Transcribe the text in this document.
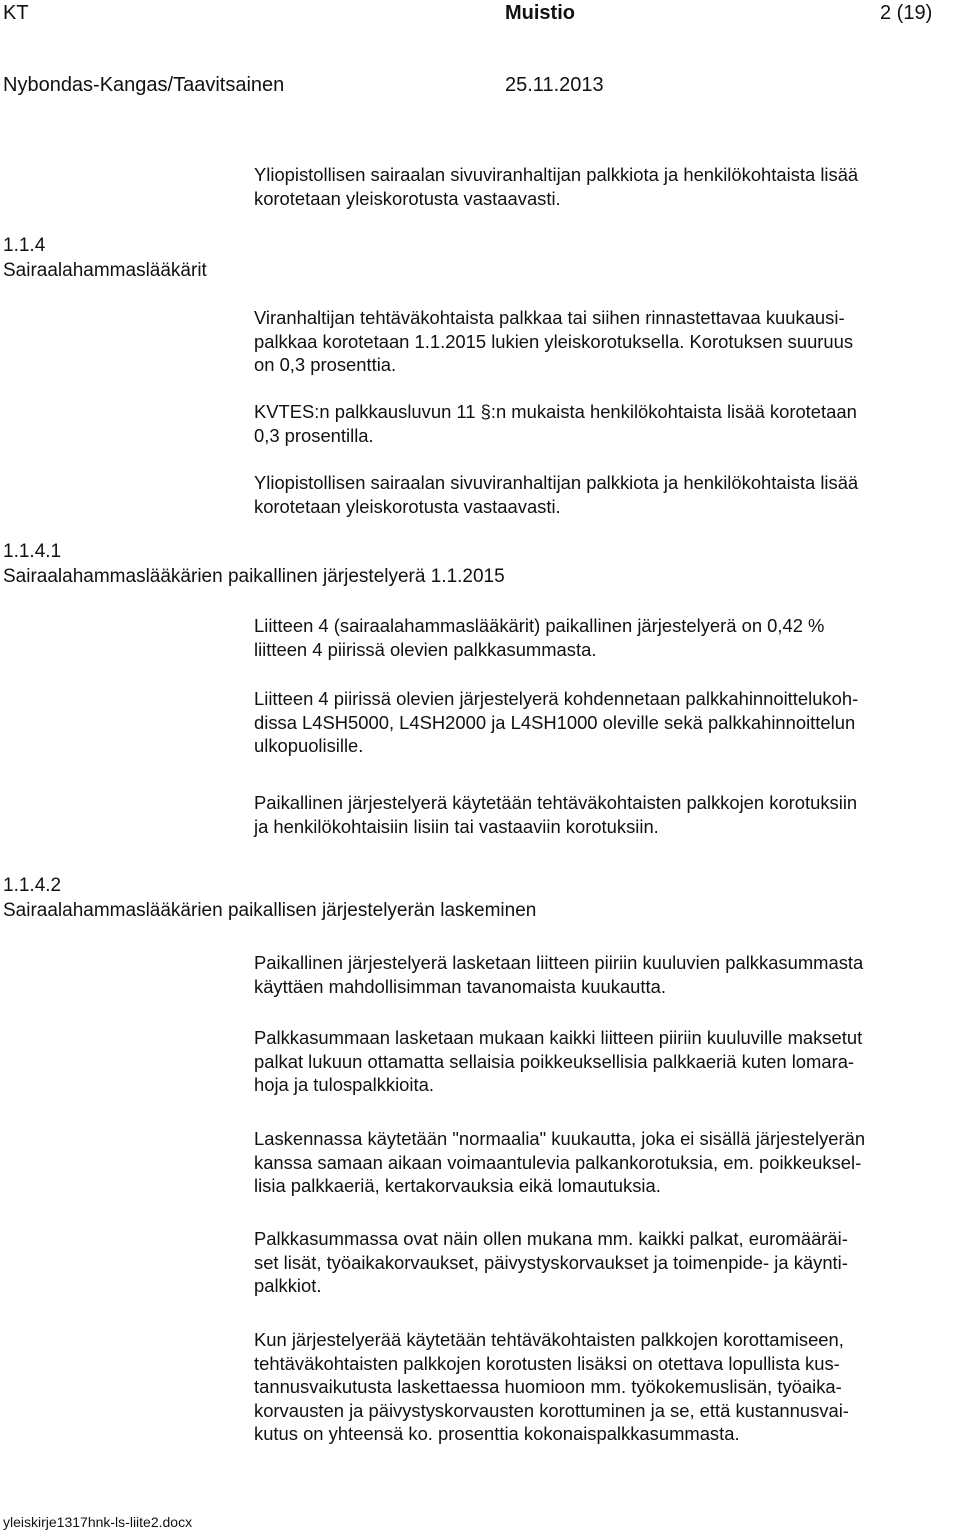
KT	Muistio	2 (19)
Nybondas-Kangas/Taavitsainen	25.11.2013
1.1.4
Sairaalahammaslääkärit
1.1.4.1
Sairaalahammaslääkärien paikallinen järjestelyerä 1.1.2015
1.1.4.2
Sairaalahammaslääkärien paikallisen järjestelyerän laskeminen
Yliopistollisen sairaalan sivuviranhaltijan palkkiota ja henkilökohtaista lisää
korotetaan yleiskorotusta vastaavasti.
Viranhaltijan tehtäväkohtaista palkkaa tai siihen rinnastettavaa kuukausi-
palkkaa korotetaan 1.1.2015 lukien yleiskorotuksella. Korotuksen suuruus
on 0,3 prosenttia.
KVTES:n palkkausluvun 11 §:n mukaista henkilökohtaista lisää korotetaan
0,3 prosentilla.
Yliopistollisen sairaalan sivuviranhaltijan palkkiota ja henkilökohtaista lisää
korotetaan yleiskorotusta vastaavasti.
Liitteen 4 (sairaalahammaslääkärit) paikallinen järjestelyerä on 0,42 %
liitteen 4 piirissä olevien palkkasummasta.
Liitteen 4 piirissä olevien järjestelyerä kohdennetaan palkkahinnoittelukoh-
dissa L4SH5000, L4SH2000 ja L4SH1000 oleville sekä palkkahinnoittelun
ulkopuolisille.
Paikallinen järjestelyerä käytetään tehtäväkohtaisten palkkojen korotuksiin
ja henkilökohtaisiin lisiin tai vastaaviin korotuksiin.
Paikallinen järjestelyerä lasketaan liitteen piiriin kuuluvien palkkasummasta
käyttäen mahdollisimman tavanomaista kuukautta.
Palkkasummaan lasketaan mukaan kaikki liitteen piiriin kuuluville maksetut
palkat lukuun ottamatta sellaisia poikkeuksellisia palkkaeriä kuten lomara-
hoja ja tulospalkkioita.
Laskennassa käytetään "normaalia" kuukautta, joka ei sisällä järjestelyerän
kanssa samaan aikaan voimaantulevia palkankorotuksia, em. poikkeuksel-
lisia palkkaeriä, kertakorvauksia eikä lomautuksia.
Palkkasummassa ovat näin ollen mukana mm. kaikki palkat, euromääräi-
set lisät, työaikakorvaukset, päivystyskorvaukset ja toimenpide- ja käynti-
palkkiot.
Kun järjestelyerää käytetään tehtäväkohtaisten palkkojen korottamiseen,
tehtäväkohtaisten palkkojen korotusten lisäksi on otettava lopullista kus-
tannusvaikutusta laskettaessa huomioon mm. työkokemuslisän, työaika-
korvausten ja päivystyskorvausten korottuminen ja se, että kustannusvai-
kutus on yhteensä ko. prosenttia kokonaispalkkasummasta.
yleiskirje1317hnk-ls-liite2.docx
